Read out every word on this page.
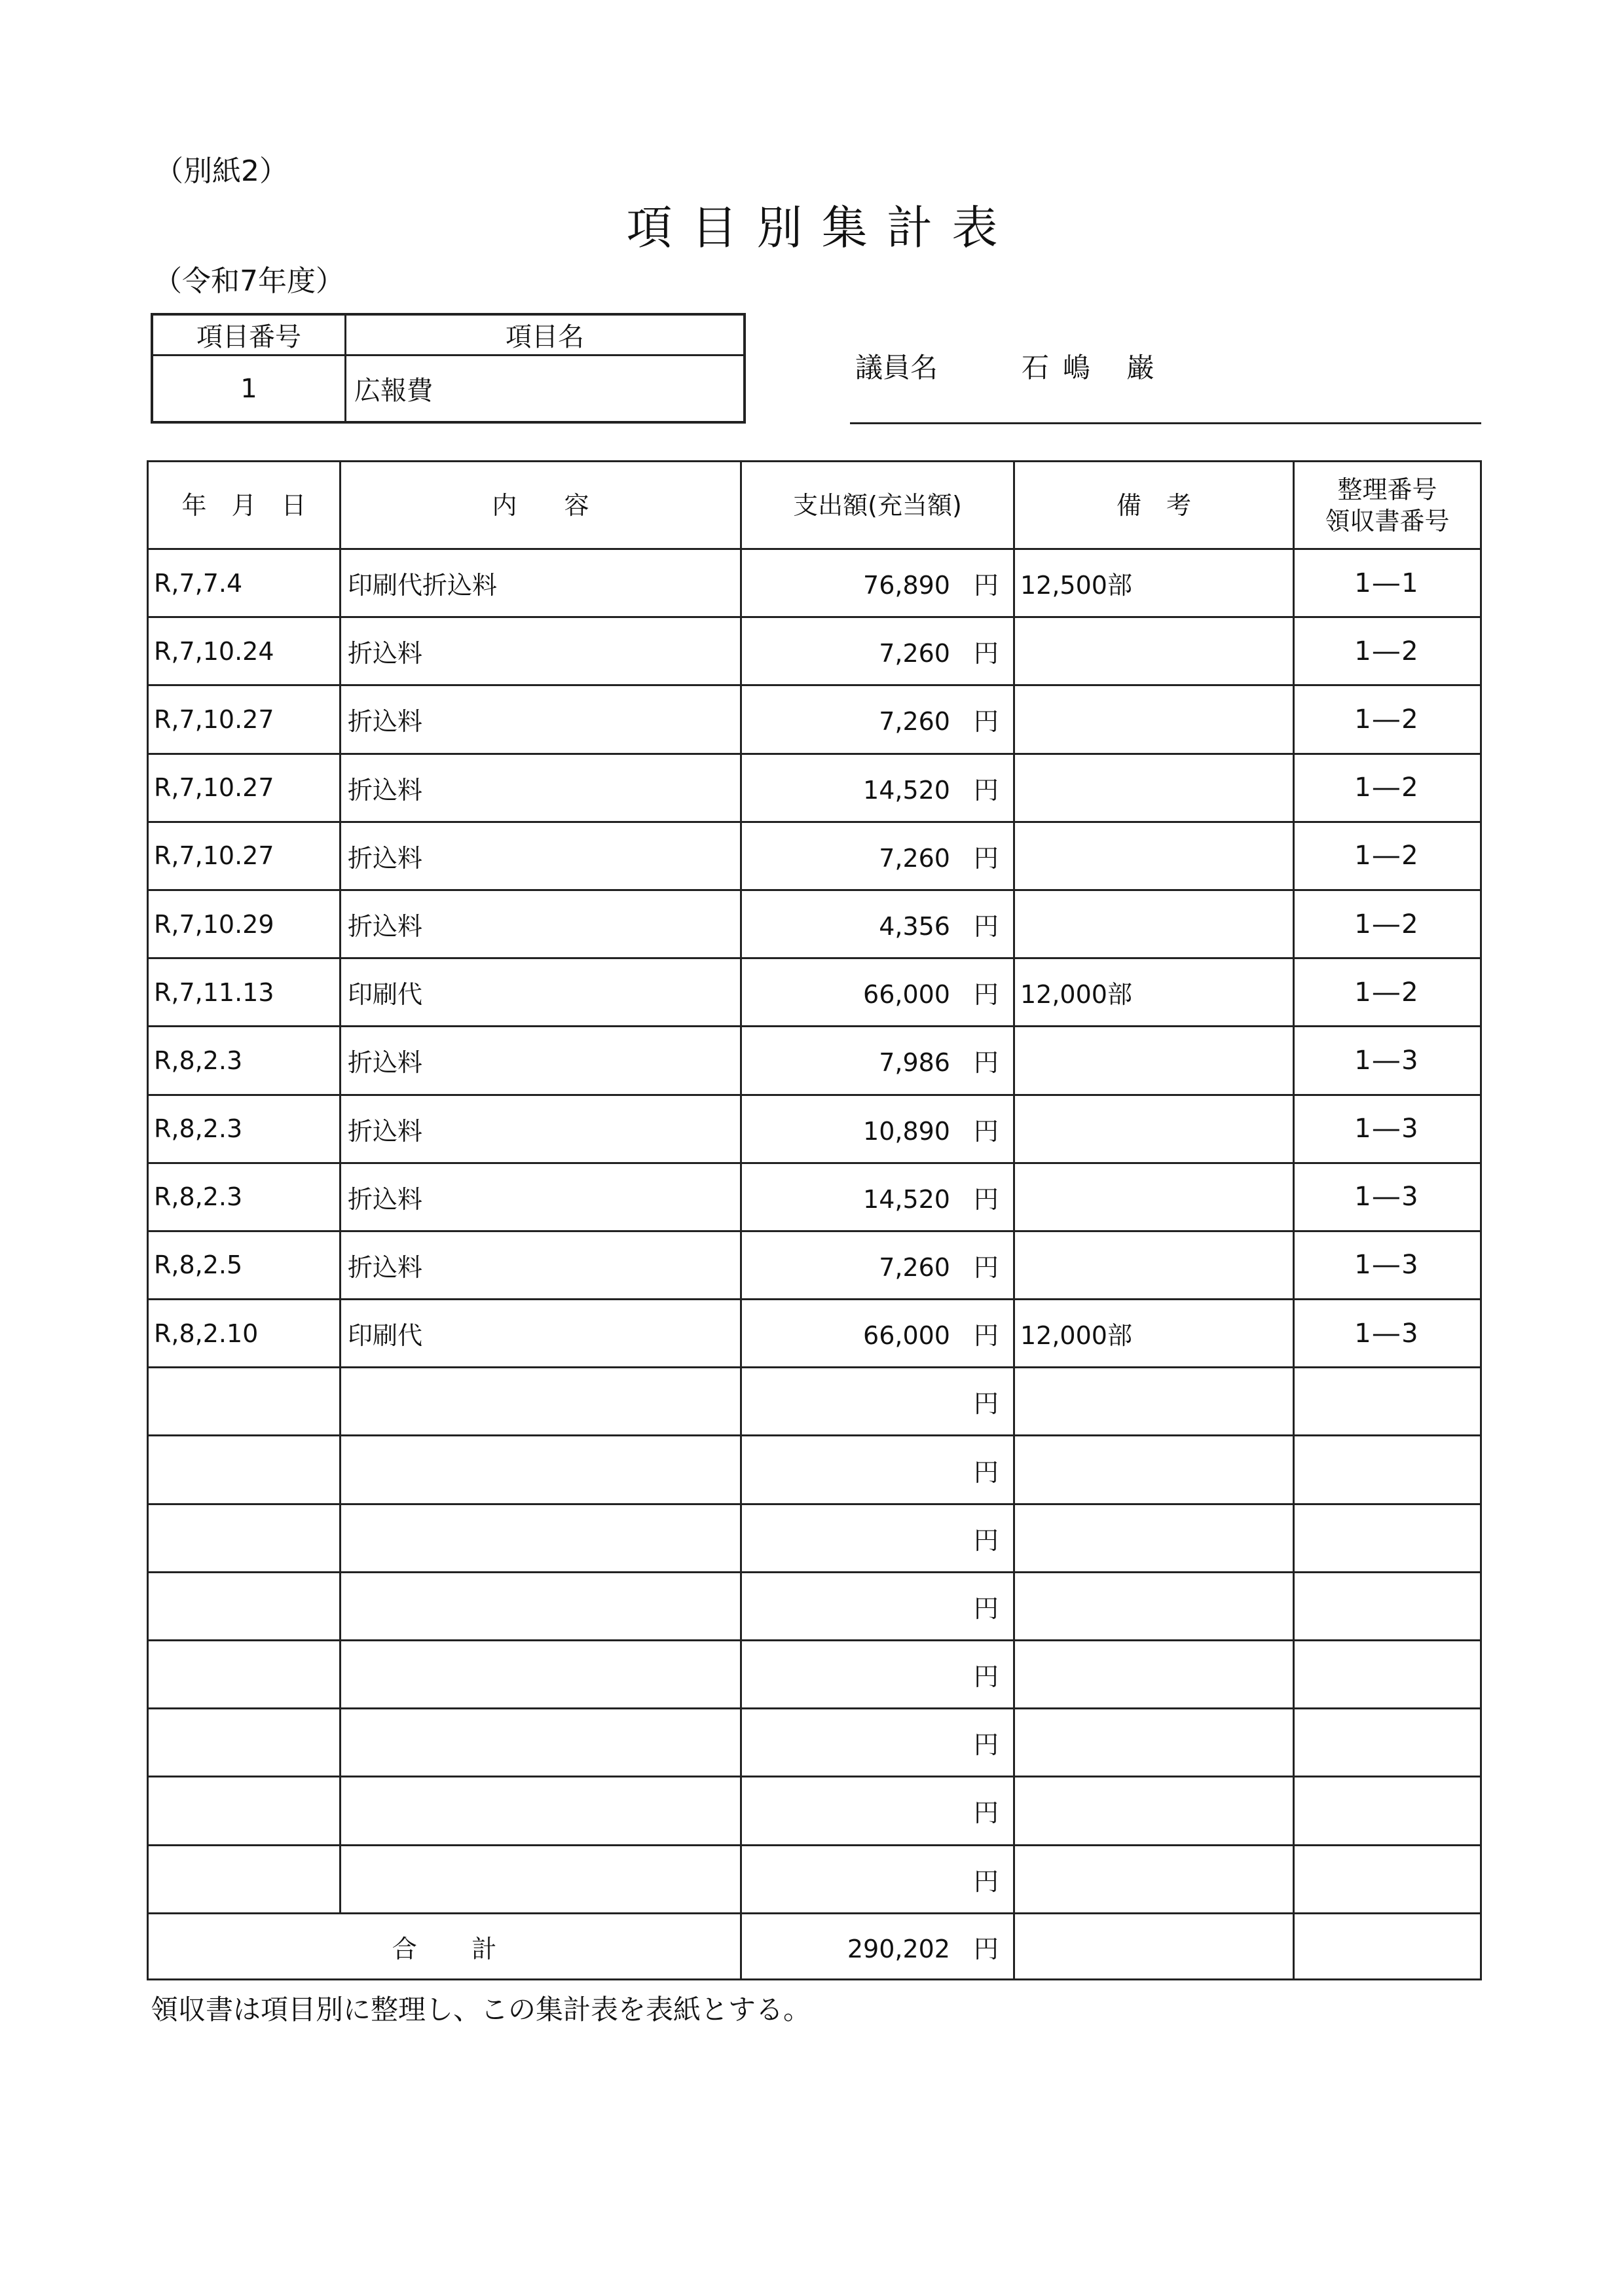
（別紙2）
項目別集計表
（令和7年度）
項目番号	項目名
1	広報費
議員名	石嶋 巌
年月日	内容	支出額(充当額)	備考	整理番号
領収書番号

R,7,7.4	印刷代折込料	76,890 円	12,500部	1―1
R,7,10.24	折込料	7,260 円		1―2
R,7,10.27	折込料	7,260 円		1―2
R,7,10.27	折込料	14,520 円		1―2
R,7,10.27	折込料	7,260 円		1―2
R,7,10.29	折込料	4,356 円		1―2
R,7,11.13	印刷代	66,000 円	12,000部	1―2
R,8,2.3	折込料	7,986 円		1―3
R,8,2.3	折込料	10,890 円		1―3
R,8,2.3	折込料	14,520 円		1―3
R,8,2.5	折込料	7,260 円		1―3
R,8,2.10	印刷代	66,000 円	12,000部	1―3
		円		
		円		
		円		
		円		
		円		
		円		
		円		
		円		

合計		290,202 円		
領収書は項目別に整理し、この集計表を表紙とする。
